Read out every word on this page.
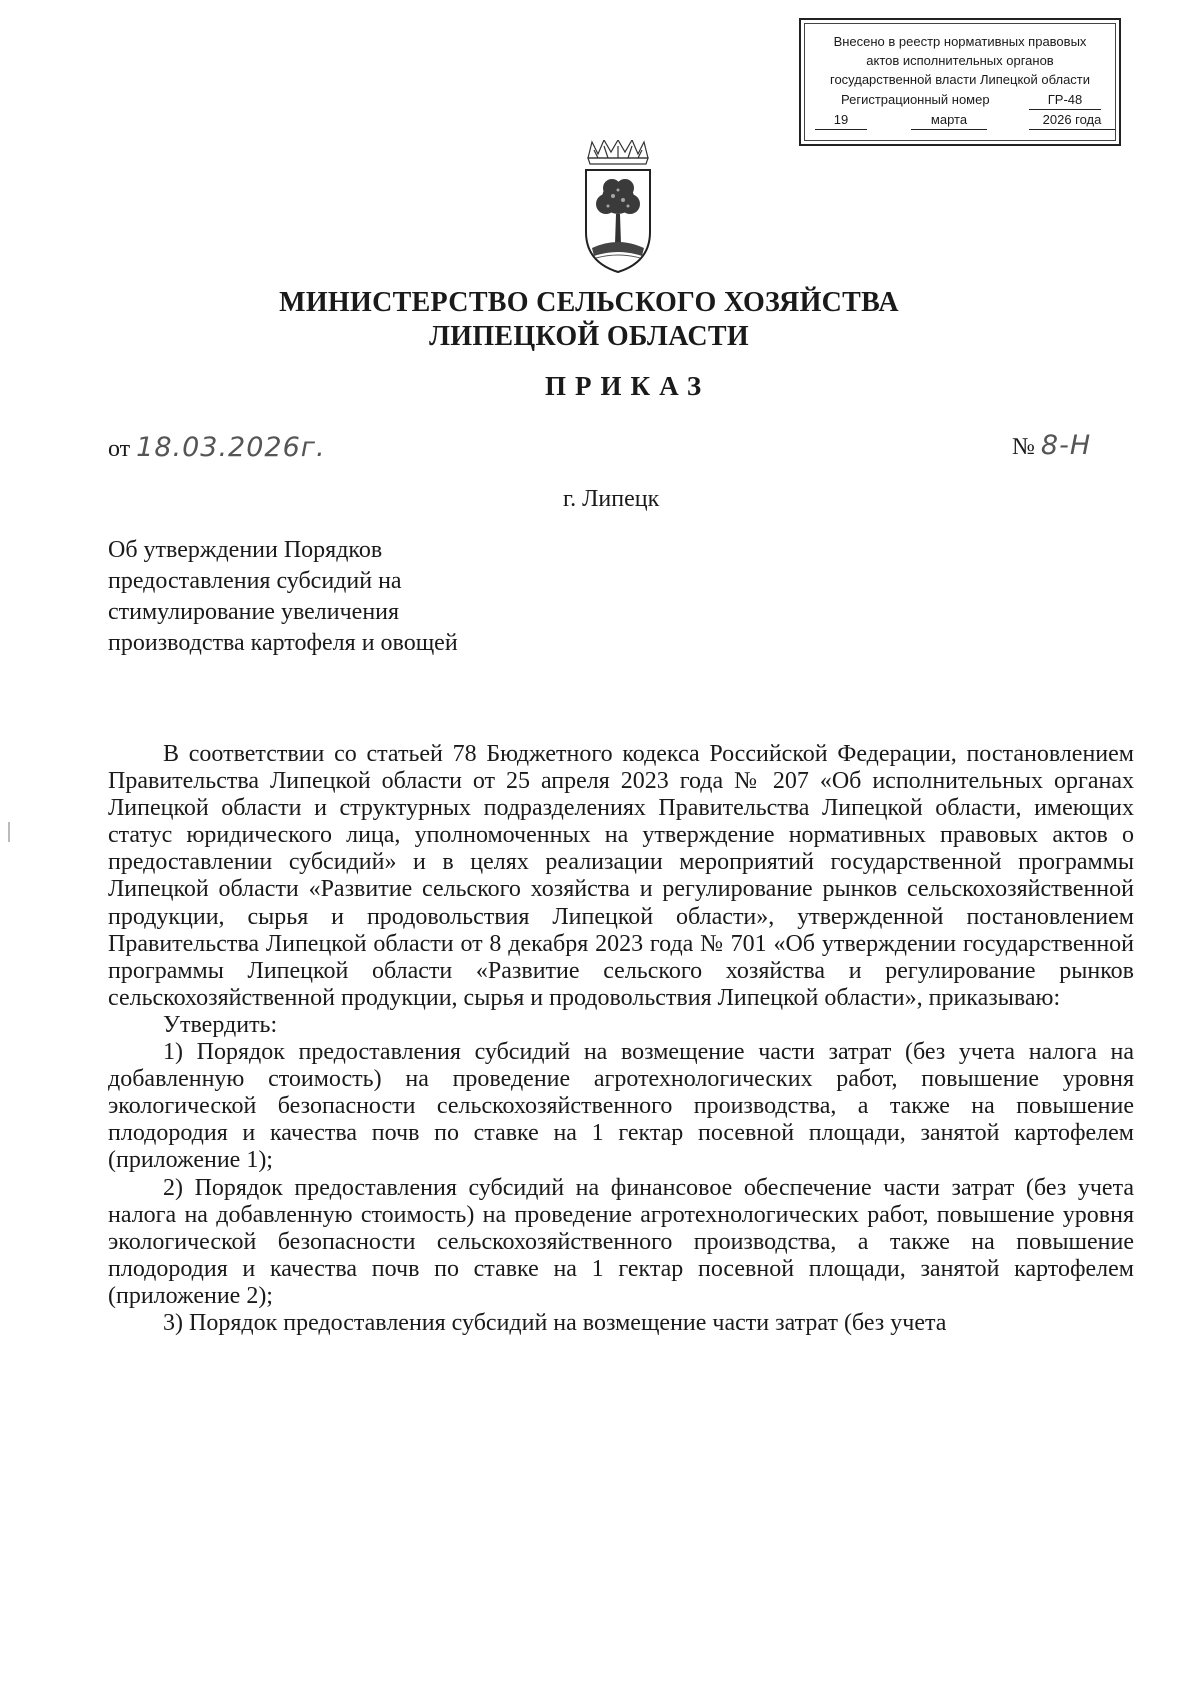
Внесено в реестр нормативных правовых
актов исполнительных органов
государственной власти Липецкой области
Регистрационный номер	ГР-48
19	марта	2026 года
МИНИСТЕРСТВО СЕЛЬСКОГО ХОЗЯЙСТВА
ЛИПЕЦКОЙ ОБЛАСТИ
ПРИКАЗ
от 18.03.2026г.	№ 8-Н
г. Липецк
Об утверждении Порядков
предоставления субсидий на
стимулирование увеличения
производства картофеля и овощей

В соответствии со статьей 78 Бюджетного кодекса Российской Федерации, постановлением Правительства Липецкой области от 25 апреля 2023 года № 207 «Об исполнительных органах Липецкой области и структурных подразделениях Правительства Липецкой области, имеющих статус юридического лица, уполномоченных на утверждение нормативных правовых актов о предоставлении субсидий» и в целях реализации мероприятий государственной программы Липецкой области «Развитие сельского хозяйства и регулирование рынков сельскохозяйственной продукции, сырья и продовольствия Липецкой области», утвержденной постановлением Правительства Липецкой области от 8 декабря 2023 года № 701 «Об утверждении государственной программы Липецкой области «Развитие сельского хозяйства и регулирование рынков сельскохозяйственной продукции, сырья и продовольствия Липецкой области», приказываю:

Утвердить:

1) Порядок предоставления субсидий на возмещение части затрат (без учета налога на добавленную стоимость) на проведение агротехнологических работ, повышение уровня экологической безопасности сельскохозяйственного производства, а также на повышение плодородия и качества почв по ставке на 1 гектар посевной площади, занятой картофелем (приложение 1);

2) Порядок предоставления субсидий на финансовое обеспечение части затрат (без учета налога на добавленную стоимость) на проведение агротехнологических работ, повышение уровня экологической безопасности сельскохозяйственного производства, а также на повышение плодородия и качества почв по ставке на 1 гектар посевной площади, занятой картофелем (приложение 2);

3) Порядок предоставления субсидий на возмещение части затрат (без учета
